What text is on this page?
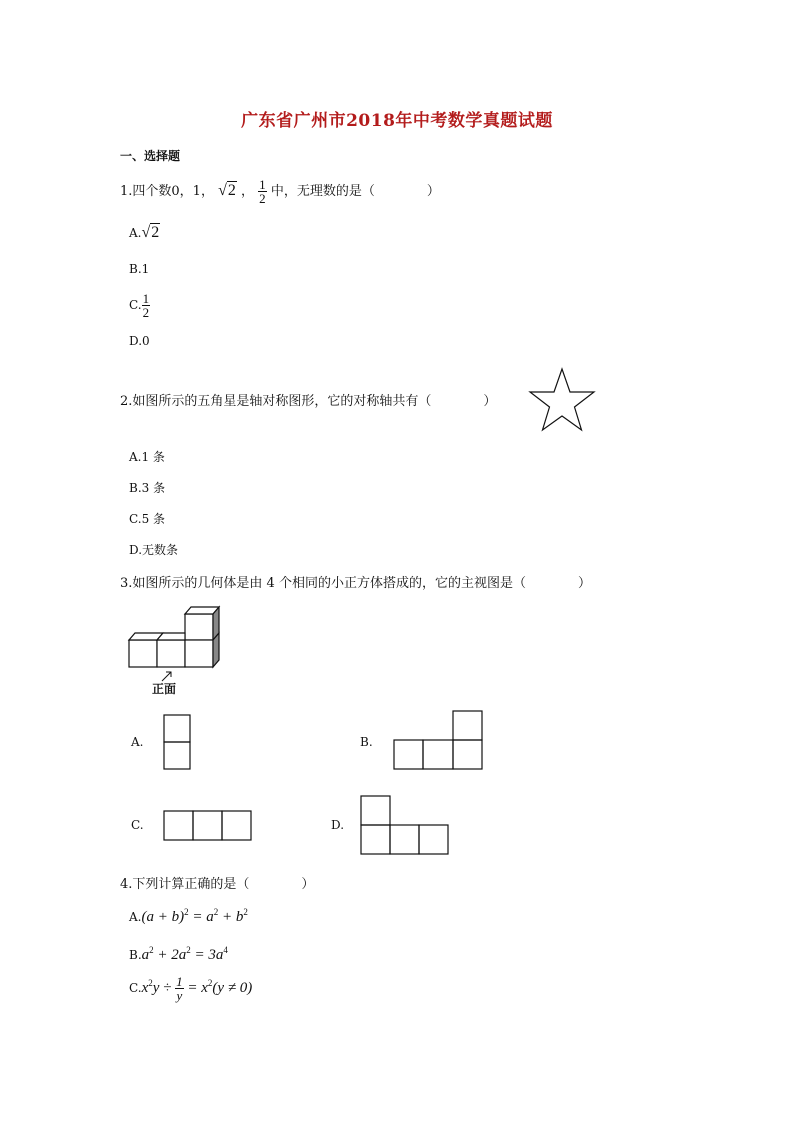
广东省广州市2018年中考数学真题试题
一、选择题
1.四个数0，1， √2 ， $\frac{1}{2}$ 中，无理数的是（　　　　）
A.√2
B.1
C. $\frac{1}{2}$
D.0
2.如图所示的五角星是轴对称图形，它的对称轴共有（　　　　）
A.1 条
B.3 条
C.5 条
D.无数条
3.如图所示的几何体是由 4 个相同的小正方体搭成的，它的主视图是（　　　　）
正面
A.	B.
C.	D.
4.下列计算正确的是（　　　　）
$A.(a + b)^2 = a^2 + b^2$
$B.a^2 + 2a^2 = 3a^4$
$C.x^2y \div \frac{1}{y} = x^2(y \ne 0)$
